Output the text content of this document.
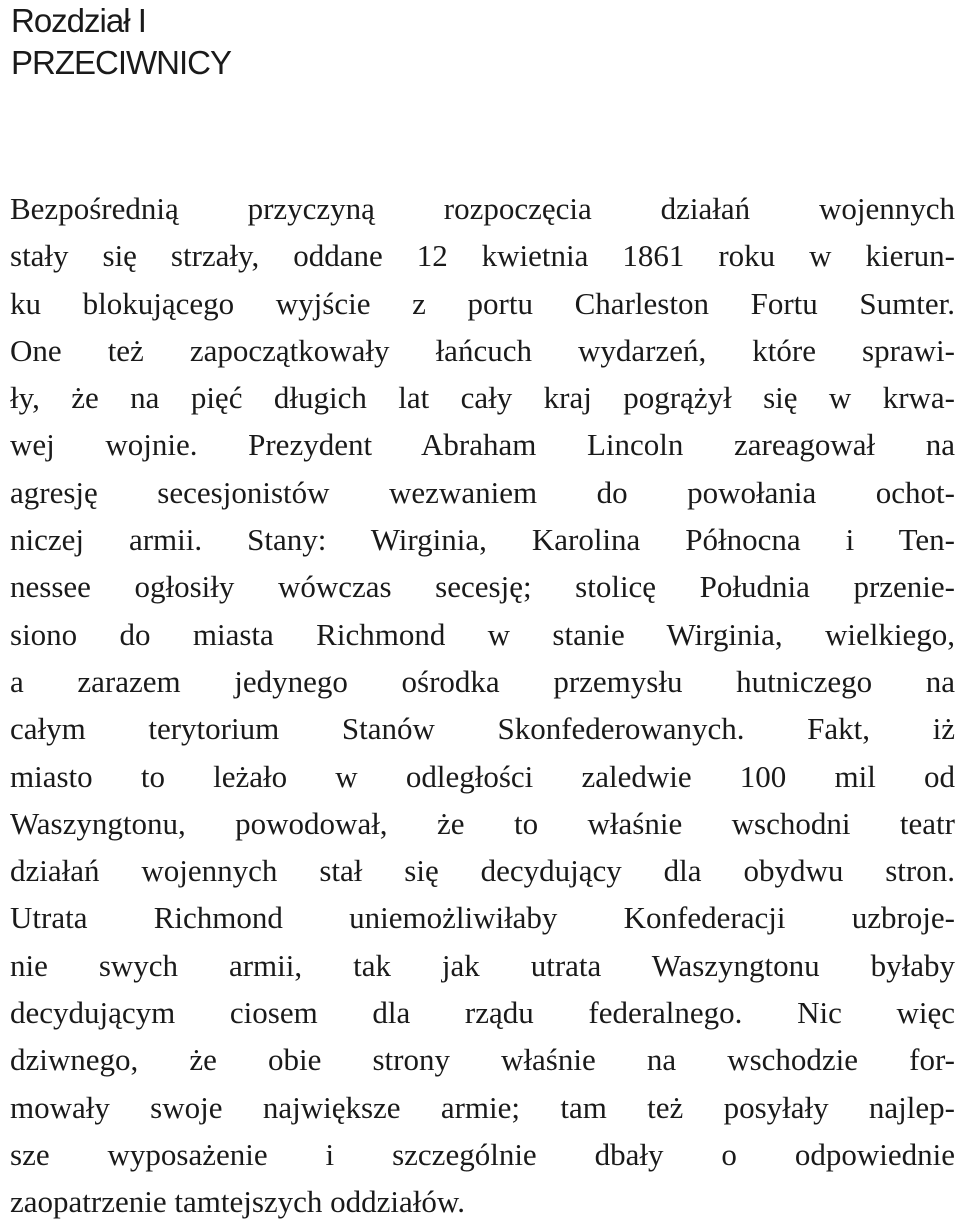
Rozdział I
PRZECIWNICY
Bezpośrednią przyczyną rozpoczęcia działań wojennych
stały się strzały, oddane 12 kwietnia 1861 roku w kierun-
ku blokującego wyjście z portu Charleston Fortu Sumter.
One też zapoczątkowały łańcuch wydarzeń, które sprawi-
ły, że na pięć długich lat cały kraj pogrążył się w krwa-
wej wojnie. Prezydent Abraham Lincoln zareagował na
agresję secesjonistów wezwaniem do powołania ochot-
niczej armii. Stany: Wirginia, Karolina Północna i Ten-
nessee ogłosiły wówczas secesję; stolicę Południa przenie-
siono do miasta Richmond w stanie Wirginia, wielkiego,
a zarazem jedynego ośrodka przemysłu hutniczego na
całym terytorium Stanów Skonfederowanych. Fakt, iż
miasto to leżało w odległości zaledwie 100 mil od
Waszyngtonu, powodował, że to właśnie wschodni teatr
działań wojennych stał się decydujący dla obydwu stron.
Utrata Richmond uniemożliwiłaby Konfederacji uzbroje-
nie swych armii, tak jak utrata Waszyngtonu byłaby
decydującym ciosem dla rządu federalnego. Nic więc
dziwnego, że obie strony właśnie na wschodzie for-
mowały swoje największe armie; tam też posyłały najlep-
sze wyposażenie i szczególnie dbały o odpowiednie
zaopatrzenie tamtejszych oddziałów.
